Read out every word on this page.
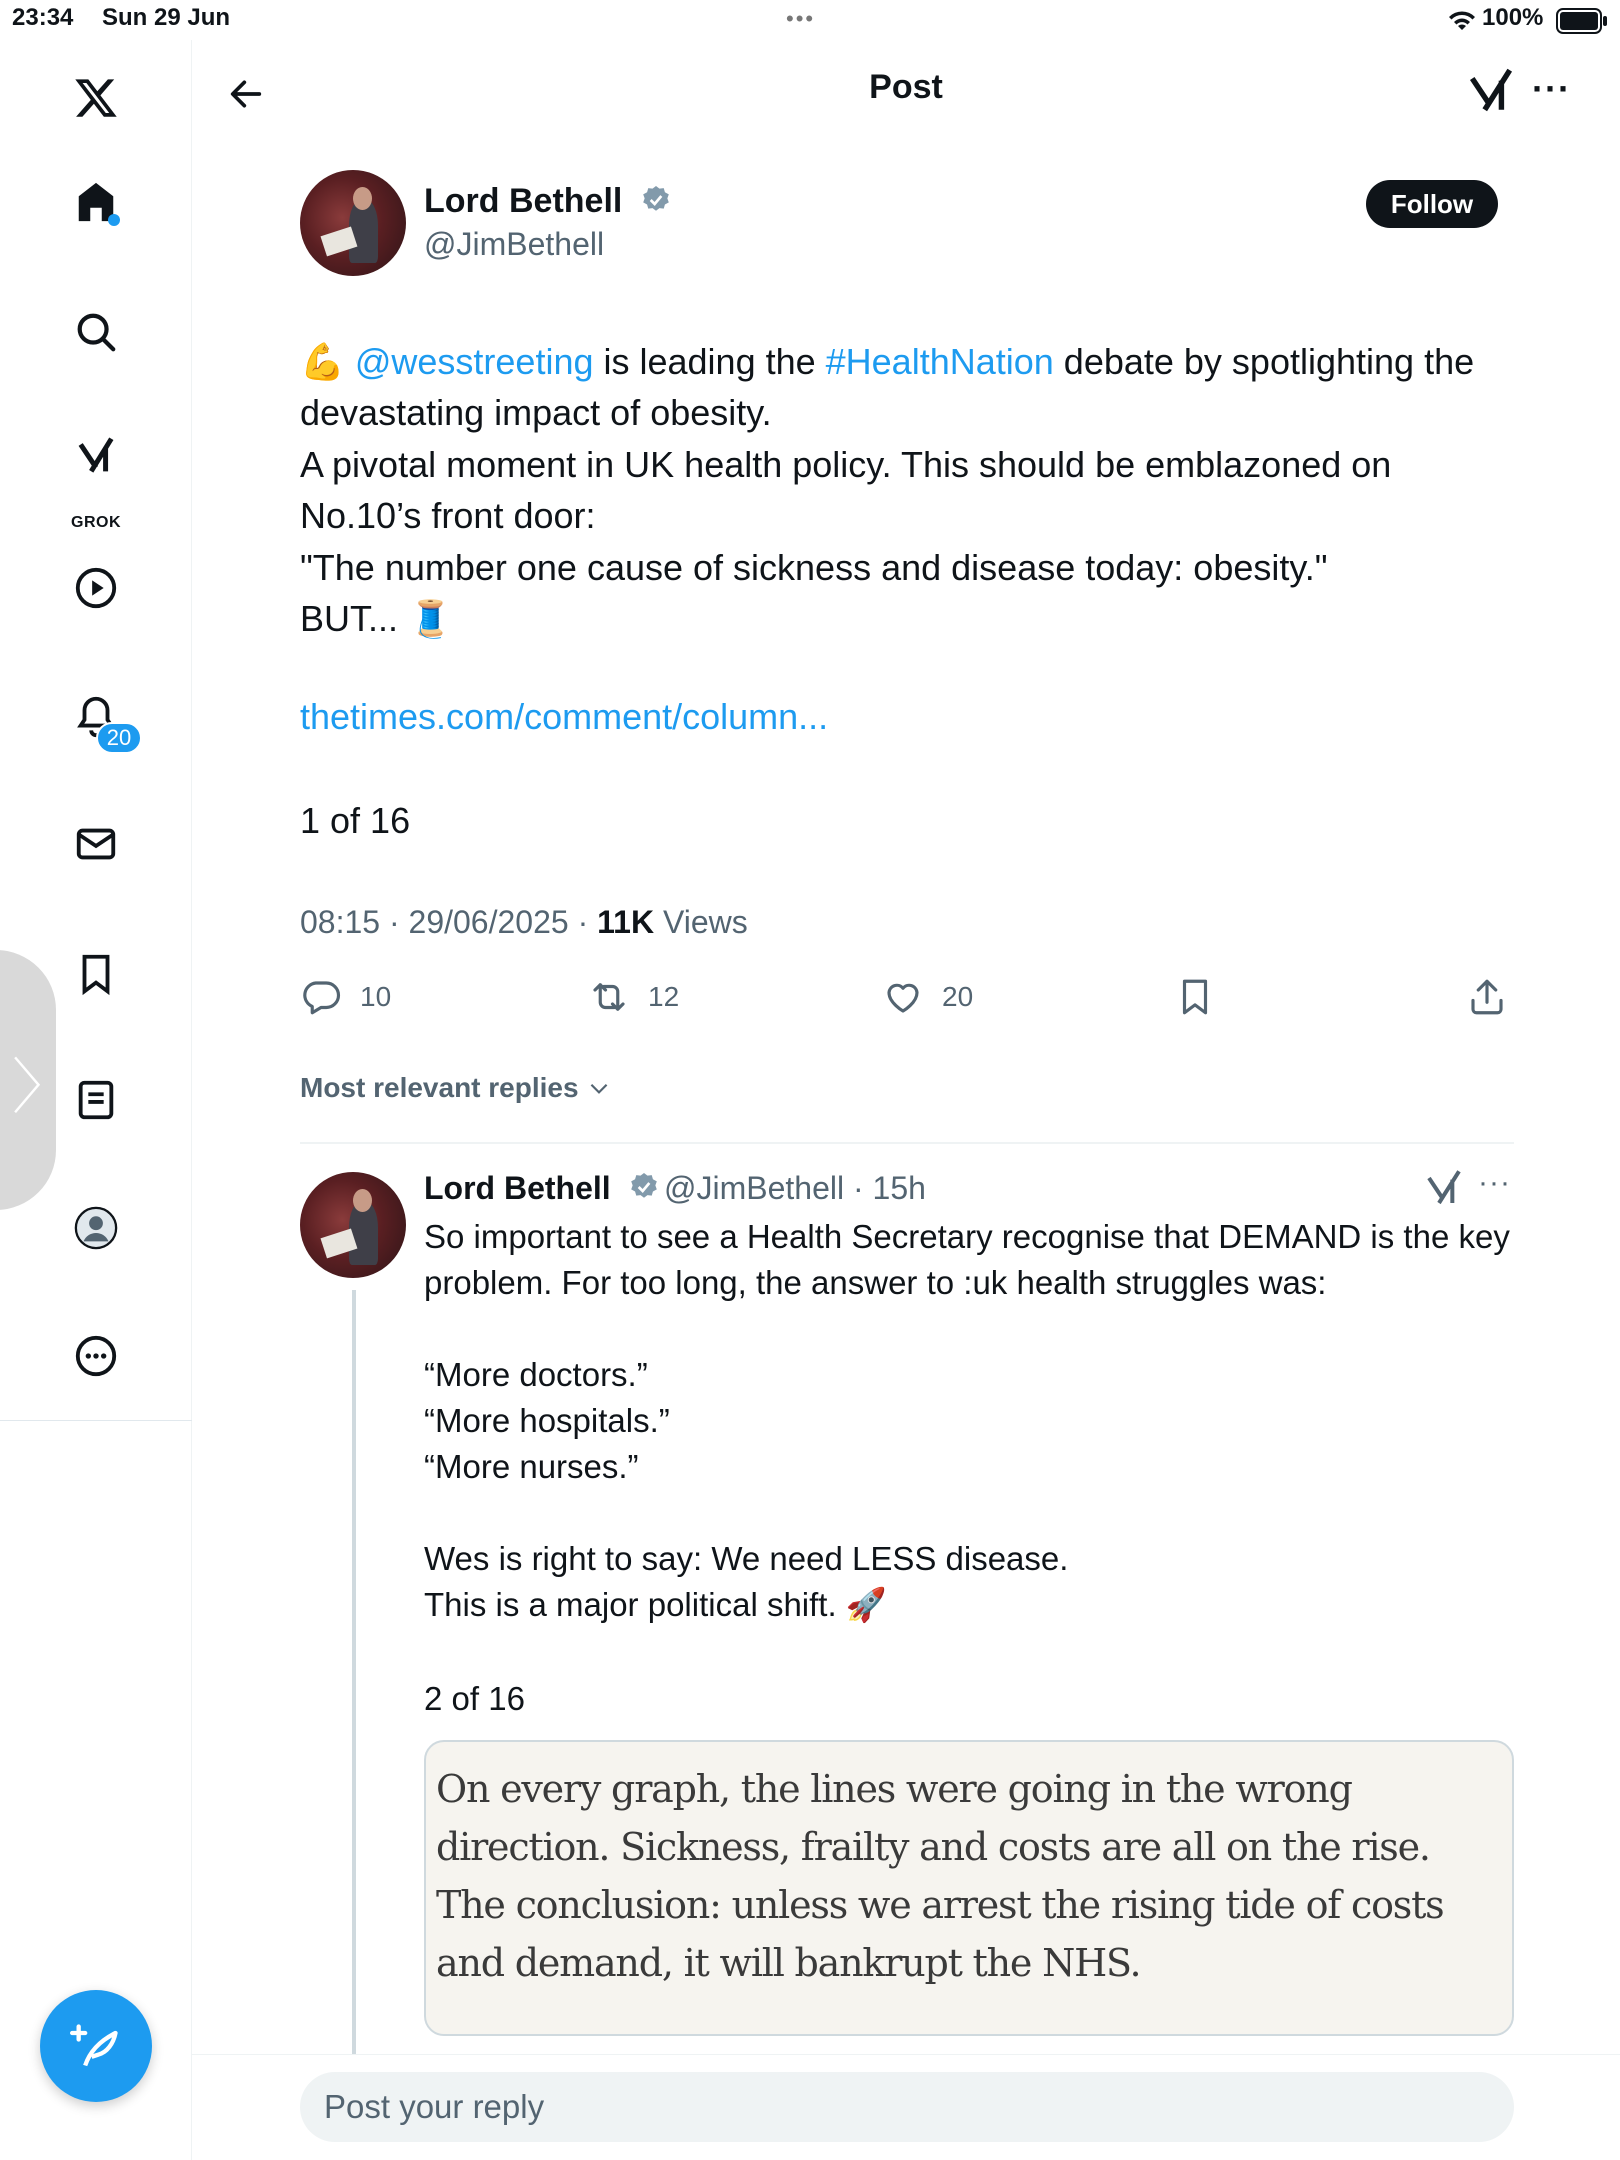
23:34 Sun 29 Jun	•••	100%
GROK
20
〉
Post	···
Lord Bethell
@JimBethell
Follow
💪 @wesstreeting is leading the #HealthNation debate by spotlighting the devastating impact of obesity.
A pivotal moment in UK health policy. This should be emblazoned on No.10’s front door:
"The number one cause of sickness and disease today: obesity."
BUT... 🧵
thetimes.com/comment/column...
1 of 16
08:15 · 29/06/2025 · 11K Views
10	12	20
Most relevant replies
Lord Bethell	@JimBethell · 15h	···
So important to see a Health Secretary recognise that DEMAND is the key problem. For too long, the answer to :uk health struggles was:
“More doctors.”
“More hospitals.”
“More nurses.”
Wes is right to say: We need LESS disease.
This is a major political shift. 🚀
2 of 16
On every graph, the lines were going in the wrong direction. Sickness, frailty and costs are all on the rise. The conclusion: unless we arrest the rising tide of costs and demand, it will bankrupt the NHS.
Post your reply
